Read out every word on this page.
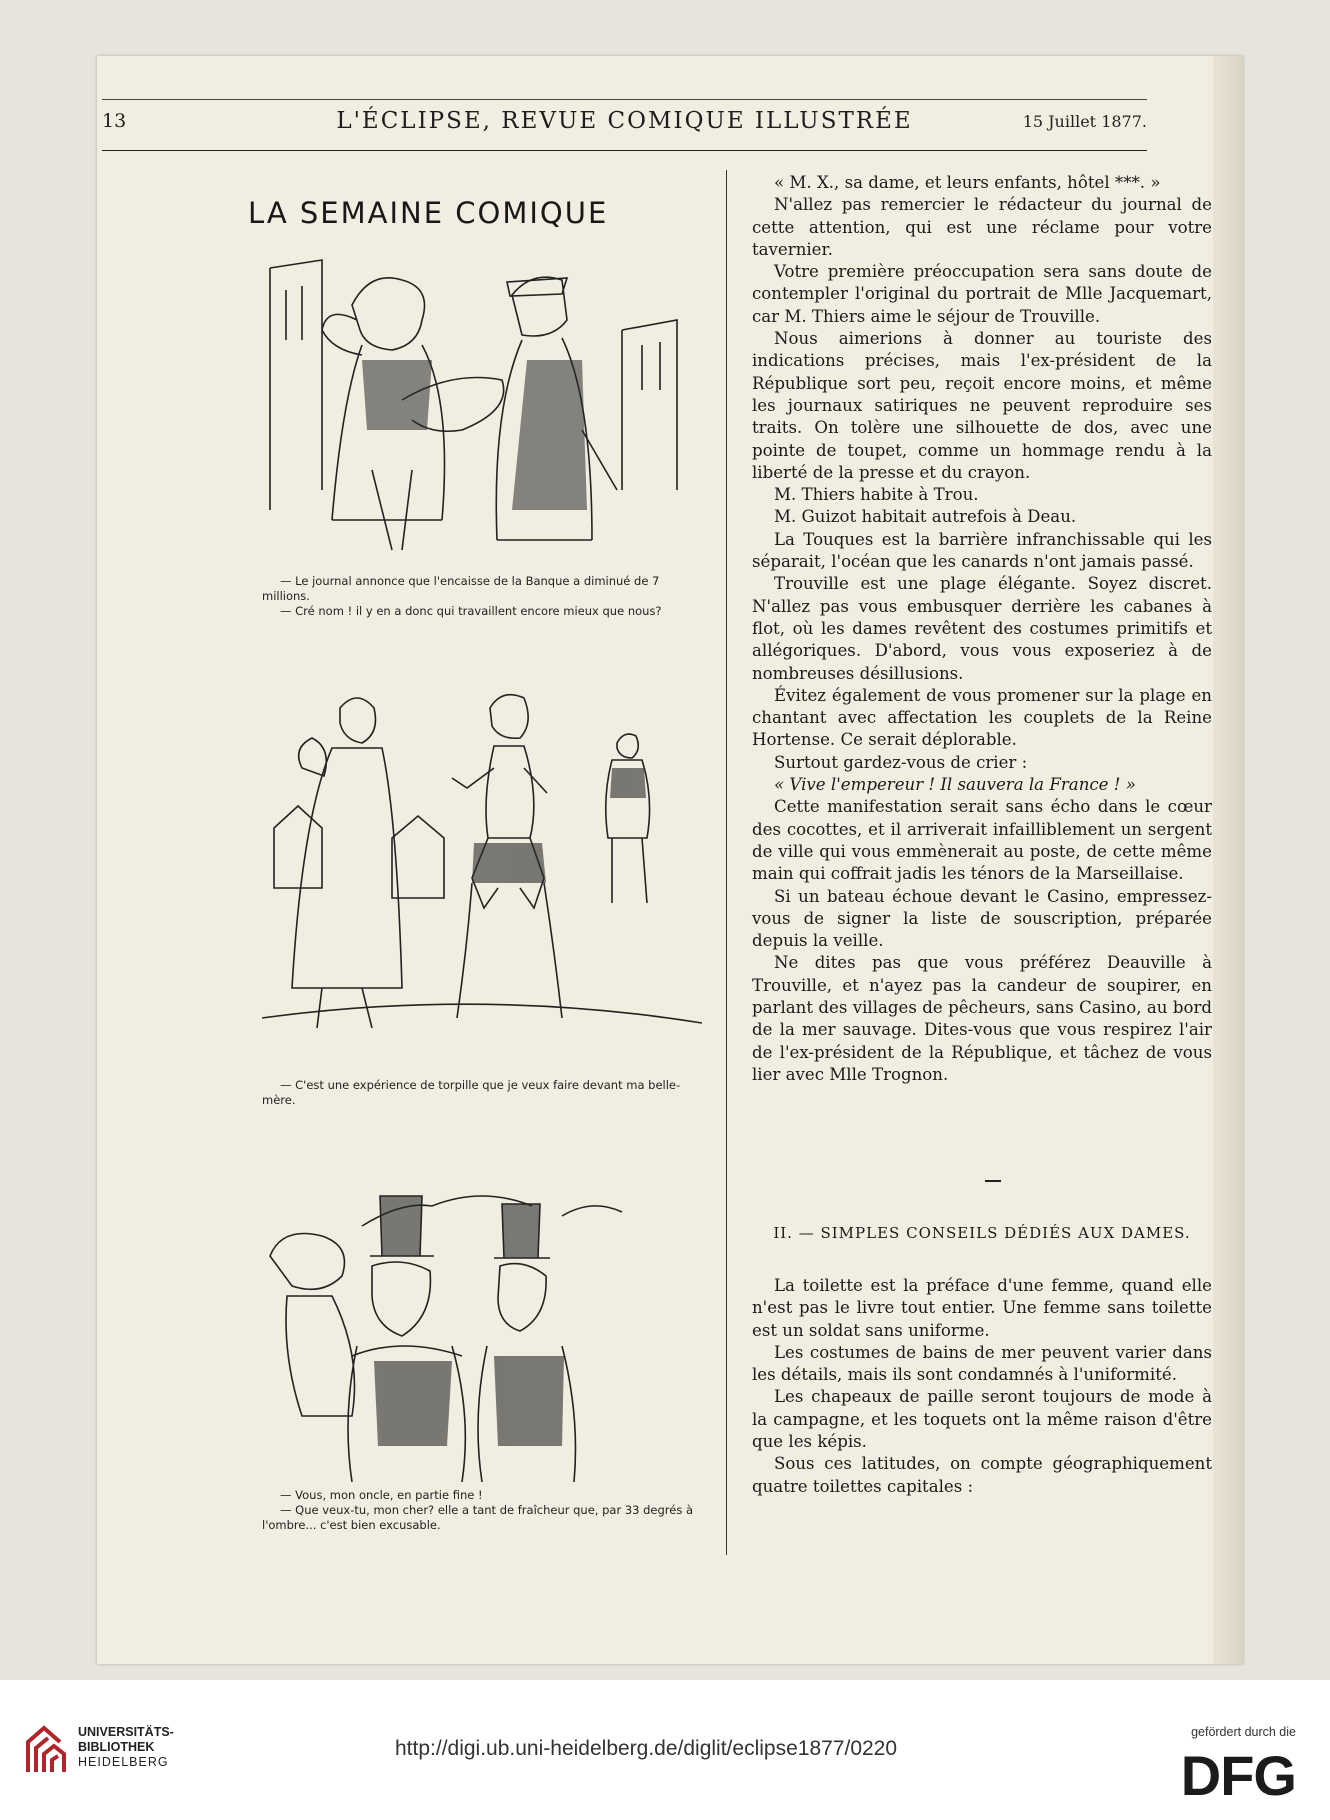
13	L'ÉCLIPSE, REVUE COMIQUE ILLUSTRÉE	15 Juillet 1877.
LA SEMAINE COMIQUE

— Le journal annonce que l'encaisse de la Banque a diminué de 7 millions.

— Cré nom ! il y en a donc qui travaillent encore mieux que nous?

— C'est une expérience de torpille que je veux faire devant ma belle-mère.

— Vous, mon oncle, en partie fine !

— Que veux-tu, mon cher? elle a tant de fraîcheur que, par 33 degrés à l'ombre... c'est bien excusable.

« M. X., sa dame, et leurs enfants, hôtel ***. »

N'allez pas remercier le rédacteur du journal de cette attention, qui est une réclame pour votre tavernier.

Votre première préoccupation sera sans doute de contempler l'original du portrait de Mlle Jacquemart, car M. Thiers aime le séjour de Trouville.

Nous aimerions à donner au touriste des indications précises, mais l'ex-président de la République sort peu, reçoit encore moins, et même les journaux satiriques ne peuvent reproduire ses traits. On tolère une silhouette de dos, avec une pointe de toupet, comme un hommage rendu à la liberté de la presse et du crayon.

M. Thiers habite à Trou.

M. Guizot habitait autrefois à Deau.

La Touques est la barrière infranchissable qui les séparait, l'océan que les canards n'ont jamais passé.

Trouville est une plage élégante. Soyez discret. N'allez pas vous embusquer derrière les cabanes à flot, où les dames revêtent des costumes primitifs et allégoriques. D'abord, vous vous exposeriez à de nombreuses désillusions.

Évitez également de vous promener sur la plage en chantant avec affectation les couplets de la Reine Hortense. Ce serait déplorable.

Surtout gardez-vous de crier :

« Vive l'empereur ! Il sauvera la France ! »

Cette manifestation serait sans écho dans le cœur des cocottes, et il arriverait infailliblement un sergent de ville qui vous emmènerait au poste, de cette même main qui coffrait jadis les ténors de la Marseillaise.

Si un bateau échoue devant le Casino, empressez-vous de signer la liste de souscription, préparée depuis la veille.

Ne dites pas que vous préférez Deauville à Trouville, et n'ayez pas la candeur de soupirer, en parlant des villages de pêcheurs, sans Casino, au bord de la mer sauvage. Dites-vous que vous respirez l'air de l'ex-président de la République, et tâchez de vous lier avec Mlle Trognon.

II. — SIMPLES CONSEILS DÉDIÉS AUX DAMES.

La toilette est la préface d'une femme, quand elle n'est pas le livre tout entier. Une femme sans toilette est un soldat sans uniforme.

Les costumes de bains de mer peuvent varier dans les détails, mais ils sont condamnés à l'uniformité.

Les chapeaux de paille seront toujours de mode à la campagne, et les toquets ont la même raison d'être que les képis.

Sous ces latitudes, on compte géographiquement quatre toilettes capitales :

UNIVERSITÄTS-
BIBLIOTHEK
HEIDELBERG
http://digi.ub.uni-heidelberg.de/diglit/eclipse1877/0220
gefördert durch die
DFG
